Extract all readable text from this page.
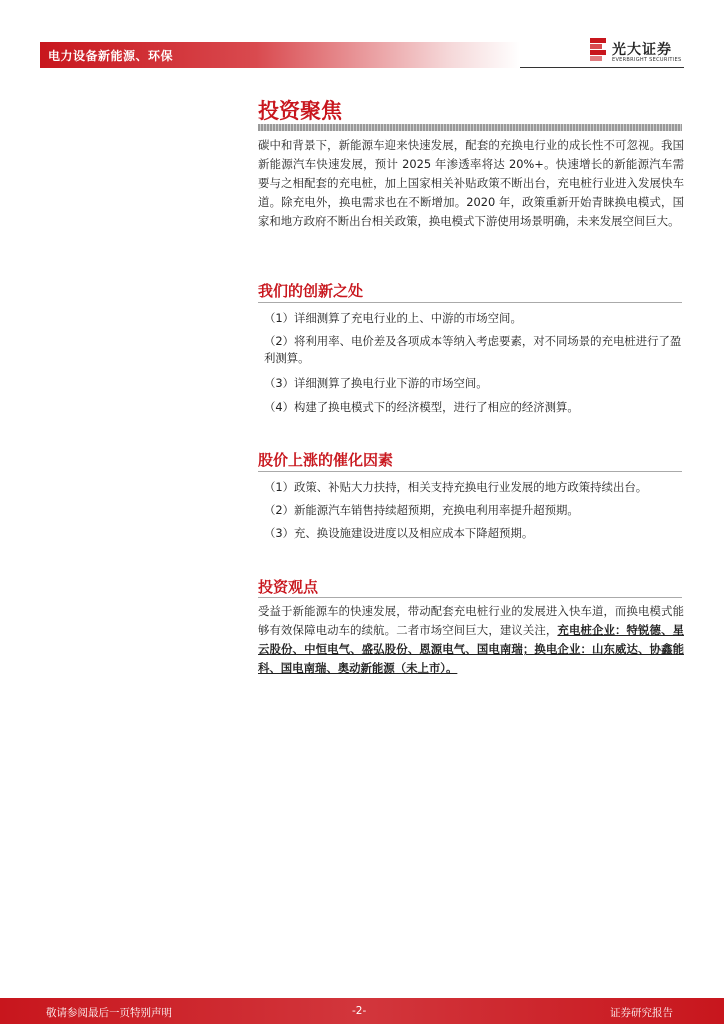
电力设备新能源、环保	光大证券
EVERBRIGHT SECURITIES
投资聚焦
碳中和背景下，新能源车迎来快速发展，配套的充换电行业的成长性不可忽视。我国新能源汽车快速发展，预计 2025 年渗透率将达 20%+。快速增长的新能源汽车需要与之相配套的充电桩，加上国家相关补贴政策不断出台，充电桩行业进入发展快车道。除充电外，换电需求也在不断增加。2020 年，政策重新开始青睐换电模式，国家和地方政府不断出台相关政策，换电模式下游使用场景明确，未来发展空间巨大。
我们的创新之处
（1）详细测算了充电行业的上、中游的市场空间。
（2）将利用率、电价差及各项成本等纳入考虑要素，对不同场景的充电桩进行了盈利测算。
（3）详细测算了换电行业下游的市场空间。
（4）构建了换电模式下的经济模型，进行了相应的经济测算。
股价上涨的催化因素
（1）政策、补贴大力扶持，相关支持充换电行业发展的地方政策持续出台。
（2）新能源汽车销售持续超预期，充换电利用率提升超预期。
（3）充、换设施建设进度以及相应成本下降超预期。
投资观点
受益于新能源车的快速发展，带动配套充电桩行业的发展进入快车道，而换电模式能够有效保障电动车的续航。二者市场空间巨大，建议关注，充电桩企业：特锐德、星云股份、中恒电气、盛弘股份、恩源电气、国电南瑞；换电企业：山东威达、协鑫能科、国电南瑞、奥动新能源（未上市）。
敬请参阅最后一页特别声明	-2-	证券研究报告
